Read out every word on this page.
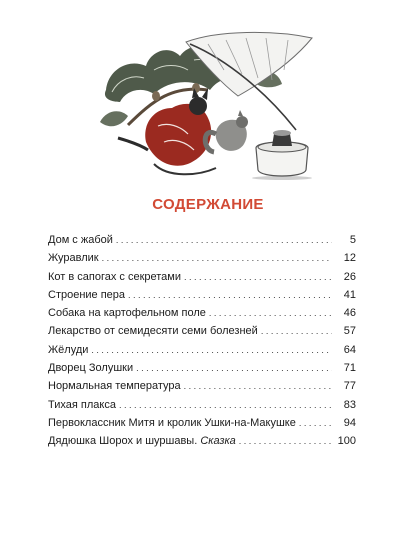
СОДЕРЖАНИЕ
Дом с жабой . . .	5
Журавлик . . .	12
Кот в сапогах с секретами . . .	26
Строение пера . . .	41
Собака на картофельном поле . . .	46
Лекарство от семидесяти семи болезней . . .	57
Жёлуди . . .	64
Дворец Золушки . . .	71
Нормальная температура . . .	77
Тихая плакса . . .	83
Первоклассник Митя и кролик Ушки-на-Макушке . . .	94
Дядюшка Шорох и шуршавы. Сказка . . .	100
